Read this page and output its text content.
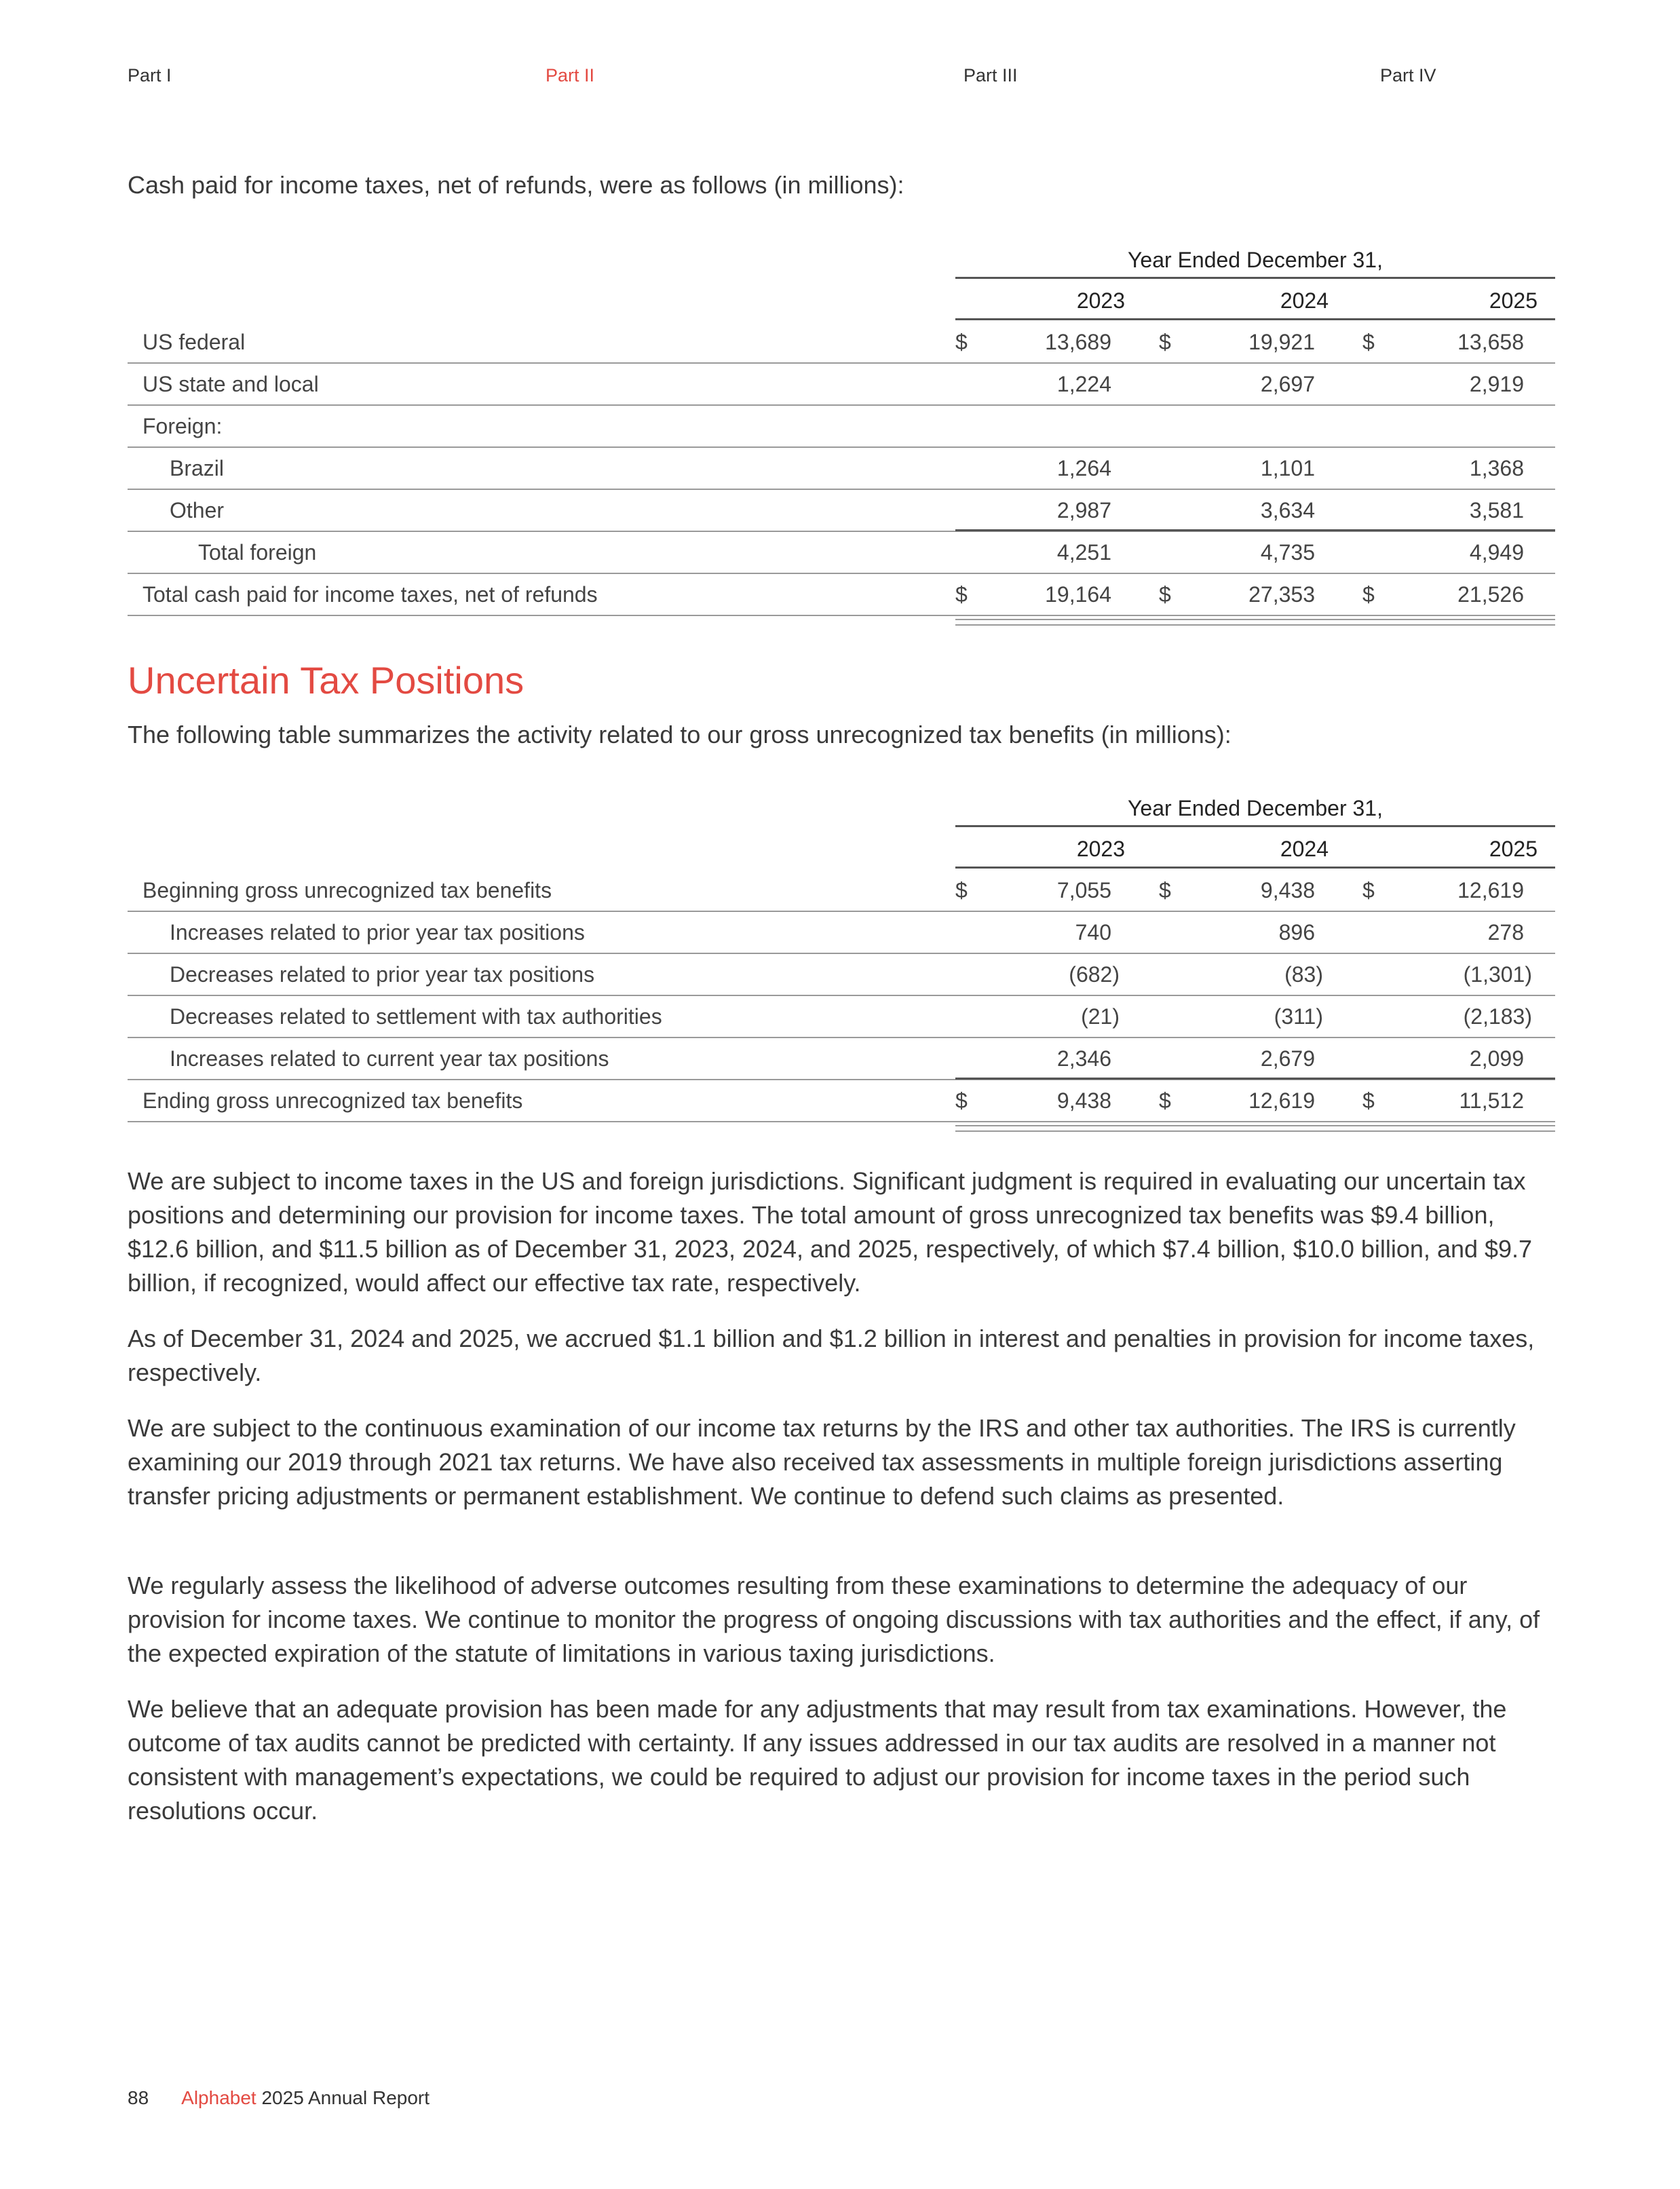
Part I	Part II	Part III	Part IV

Cash paid for income taxes, net of refunds, were as follows (in millions):

Year Ended December 31,
2023	2024	2025
US federal	$	13,689 $	19,921 $	13,658
US state and local	1,224	2,697	2,919
Foreign:
Brazil	1,264	1,101	1,368
Other	2,987	3,634	3,581
Total foreign	4,251	4,735	4,949
Total cash paid for income taxes, net of refunds	$	19,164 $	27,353 $	21,526
Uncertain Tax Positions

The following table summarizes the activity related to our gross unrecognized tax benefits (in millions):

Year Ended December 31,
2023	2024	2025
Beginning gross unrecognized tax benefits	$	7,055 $	9,438 $	12,619
Increases related to prior year tax positions	740	896	278
Decreases related to prior year tax positions	(682)	(83)	(1,301)
Decreases related to settlement with tax authorities	(21)	(311)	(2,183)
Increases related to current year tax positions	2,346	2,679	2,099
Ending gross unrecognized tax benefits	$	9,438 $	12,619 $	11,512

We are subject to income taxes in the US and foreign jurisdictions. Significant judgment is required in evaluating our uncertain tax positions and determining our provision for income taxes. The total amount of gross unrecognized tax benefits was $9.4 billion, $12.6 billion, and $11.5 billion as of December 31, 2023, 2024, and 2025, respectively, of which $7.4 billion, $10.0 billion, and $9.7 billion, if recognized, would affect our effective tax rate, respectively.

As of December 31, 2024 and 2025, we accrued $1.1 billion and $1.2 billion in interest and penalties in provision for income taxes, respectively.

We are subject to the continuous examination of our income tax returns by the IRS and other tax authorities. The IRS is currently examining our 2019 through 2021 tax returns. We have also received tax assessments in multiple foreign jurisdictions asserting transfer pricing adjustments or permanent establishment. We continue to defend such claims as presented.

We regularly assess the likelihood of adverse outcomes resulting from these examinations to determine the adequacy of our provision for income taxes. We continue to monitor the progress of ongoing discussions with tax authorities and the effect, if any, of the expected expiration of the statute of limitations in various taxing jurisdictions.

We believe that an adequate provision has been made for any adjustments that may result from tax examinations. However, the outcome of tax audits cannot be predicted with certainty. If any issues addressed in our tax audits are resolved in a manner not consistent with management’s expectations, we could be required to adjust our provision for income taxes in the period such resolutions occur.

88 Alphabet 2025 Annual Report
